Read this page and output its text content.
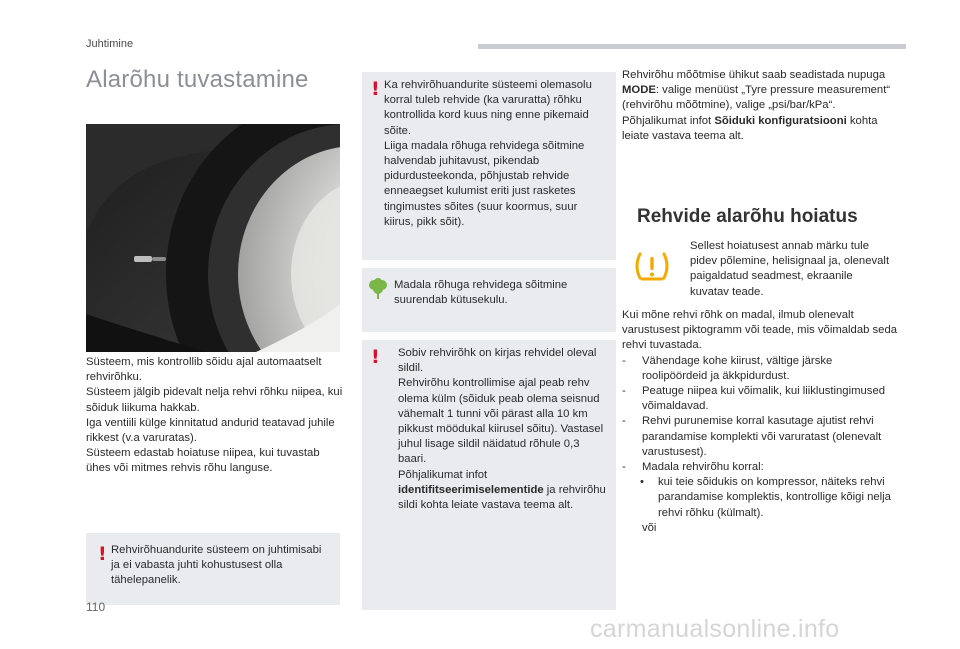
Juhtimine
Alarõhu tuvastamine

Süsteem, mis kontrollib sõidu ajal automaatselt rehvirõhku.

Süsteem jälgib pidevalt nelja rehvi rõhku niipea, kui sõiduk liikuma hakkab.

Iga ventiili külge kinnitatud andurid teatavad juhile rikkest (v.a varuratas).

Süsteem edastab hoiatuse niipea, kui tuvastab ühes või mitmes rehvis rõhu languse.

! Rehvirõhuandurite süsteem on juhtimisabi ja ei vabasta juhti kohustusest olla tähelepanelik.
! Ka rehvirõhuandurite süsteemi olemasolu korral tuleb rehvide (ka varuratta) rõhku kontrollida kord kuus ning enne pikemaid sõite.

Liiga madala rõhuga rehvidega sõitmine halvendab juhitavust, pikendab pidurdusteekonda, põhjustab rehvide enneaegset kulumist eriti just rasketes tingimustes sõites (suur koormus, suur kiirus, pikk sõit).

Madala rõhuga rehvidega sõitmine suurendab kütusekulu.
! Sobiv rehvirõhk on kirjas rehvidel oleval sildil.

Rehvirõhu kontrollimise ajal peab rehv olema külm (sõiduk peab olema seisnud vähemalt 1 tunni või pärast alla 10 km pikkust möödukal kiirusel sõitu). Vastasel juhul lisage sildil näidatud rõhule 0,3 baari.

Põhjalikumat infot

identifitseerimiselementide ja rehvirõhu sildi kohta leiate vastava teema alt.

Rehvirõhu mõõtmise ühikut saab seadistada nupuga MODE: valige menüüst „Tyre pressure measurement“ (rehvirõhu mõõtmine), valige „psi/bar/kPa“.

Põhjalikumat infot Sõiduki konfiguratsiooni kohta leiate vastava teema alt.

Rehvide alarõhu hoiatus
Sellest hoiatusest annab märku tule pidev põlemine, helisignaal ja, olenevalt paigaldatud seadmest, ekraanile kuvatav teade.

Kui mõne rehvi rõhk on madal, ilmub olenevalt varustusest piktogramm või teade, mis võimaldab seda rehvi tuvastada.

- Vähendage kohe kiirust, vältige järske roolipöördeid ja äkkpidurdust.
- Peatuge niipea kui võimalik, kui liiklustingimused võimaldavad.
- Rehvi purunemise korral kasutage ajutist rehvi parandamise komplekti või varuratast (olenevalt varustusest).
- Madala rehvirõhu korral:
• kui teie sõidukis on kompressor, näiteks rehvi parandamise komplektis, kontrollige kõigi nelja rehvi rõhku (külmalt).

või

110
carmanualsonline.info
